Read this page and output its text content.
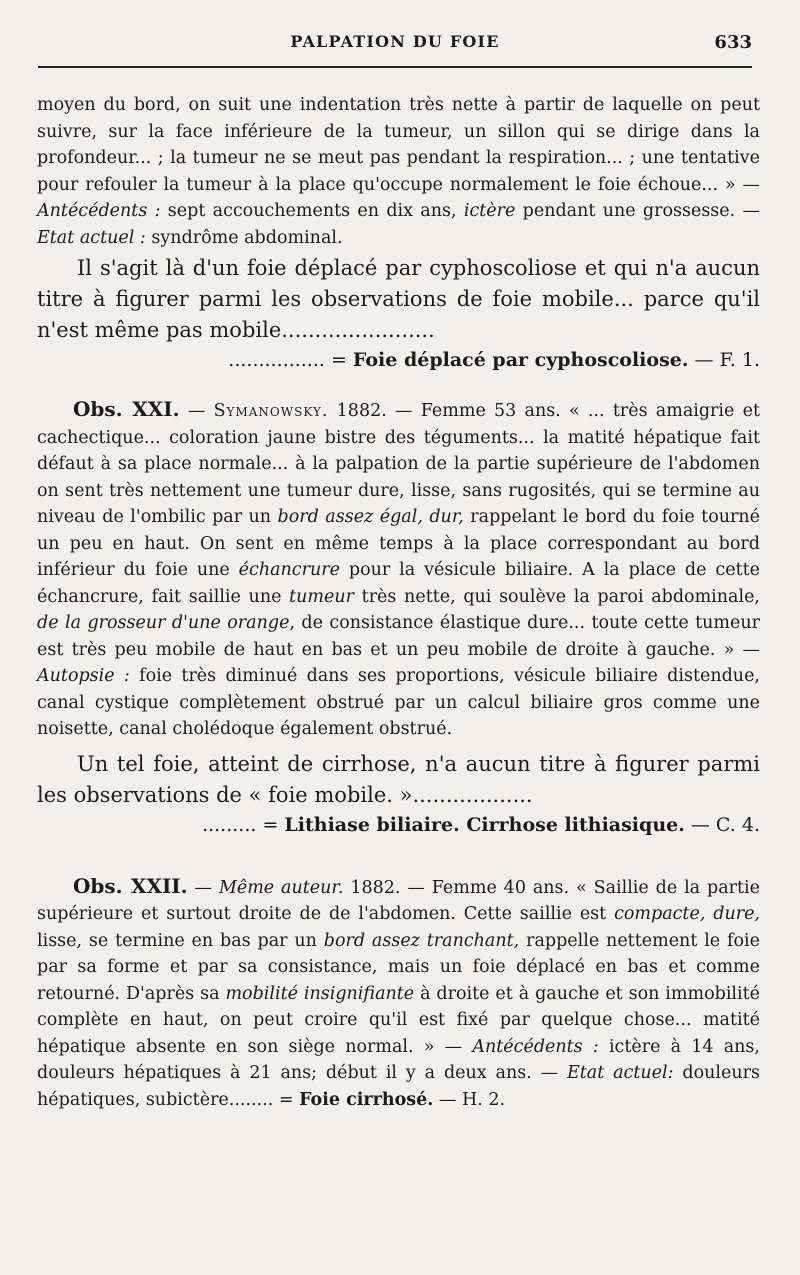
PALPATION DU FOIE	633

moyen du bord, on suit une indentation très nette à partir de laquelle on peut suivre, sur la face inférieure de la tumeur, un sillon qui se dirige dans la profondeur... ; la tumeur ne se meut pas pendant la respiration... ; une tentative pour refouler la tumeur à la place qu'occupe normalement le foie échoue... » — Antécédents : sept accouchements en dix ans, ictère pendant une grossesse. — Etat actuel : syndrôme abdominal.

Il s'agit là d'un foie déplacé par cyphoscoliose et qui n'a aucun titre à figurer parmi les observations de foie mobile... parce qu'il n'est même pas mobile.......................

................ = Foie déplacé par cyphoscoliose. — F. 1.

Obs. XXI. — Symanowsky. 1882. — Femme 53 ans. « ... très amaigrie et cachectique... coloration jaune bistre des téguments... la matité hépatique fait défaut à sa place normale... à la palpation de la partie supérieure de l'abdomen on sent très nettement une tumeur dure, lisse, sans rugosités, qui se termine au niveau de l'ombilic par un bord assez égal, dur, rappelant le bord du foie tourné un peu en haut. On sent en même temps à la place correspondant au bord inférieur du foie une échancrure pour la vésicule biliaire. A la place de cette échancrure, fait saillie une tumeur très nette, qui soulève la paroi abdominale, de la grosseur d'une orange, de consistance élastique dure... toute cette tumeur est très peu mobile de haut en bas et un peu mobile de droite à gauche. » — Autopsie : foie très diminué dans ses proportions, vésicule biliaire distendue, canal cystique complètement obstrué par un calcul biliaire gros comme une noisette, canal cholédoque également obstrué.

Un tel foie, atteint de cirrhose, n'a aucun titre à figurer parmi les observations de « foie mobile. »..................

......... = Lithiase biliaire. Cirrhose lithiasique. — C. 4.

Obs. XXII. — Même auteur. 1882. — Femme 40 ans. « Saillie de la partie supérieure et surtout droite de de l'abdomen. Cette saillie est compacte, dure, lisse, se termine en bas par un bord assez tranchant, rappelle nettement le foie par sa forme et par sa consistance, mais un foie déplacé en bas et comme retourné. D'après sa mobilité insignifiante à droite et à gauche et son immobilité complète en haut, on peut croire qu'il est fixé par quelque chose... matité hépatique absente en son siège normal. » — Antécédents : ictère à 14 ans, douleurs hépatiques à 21 ans; début il y a deux ans. — Etat actuel: douleurs hépatiques, subictère........ = Foie cirrhosé. — H. 2.
